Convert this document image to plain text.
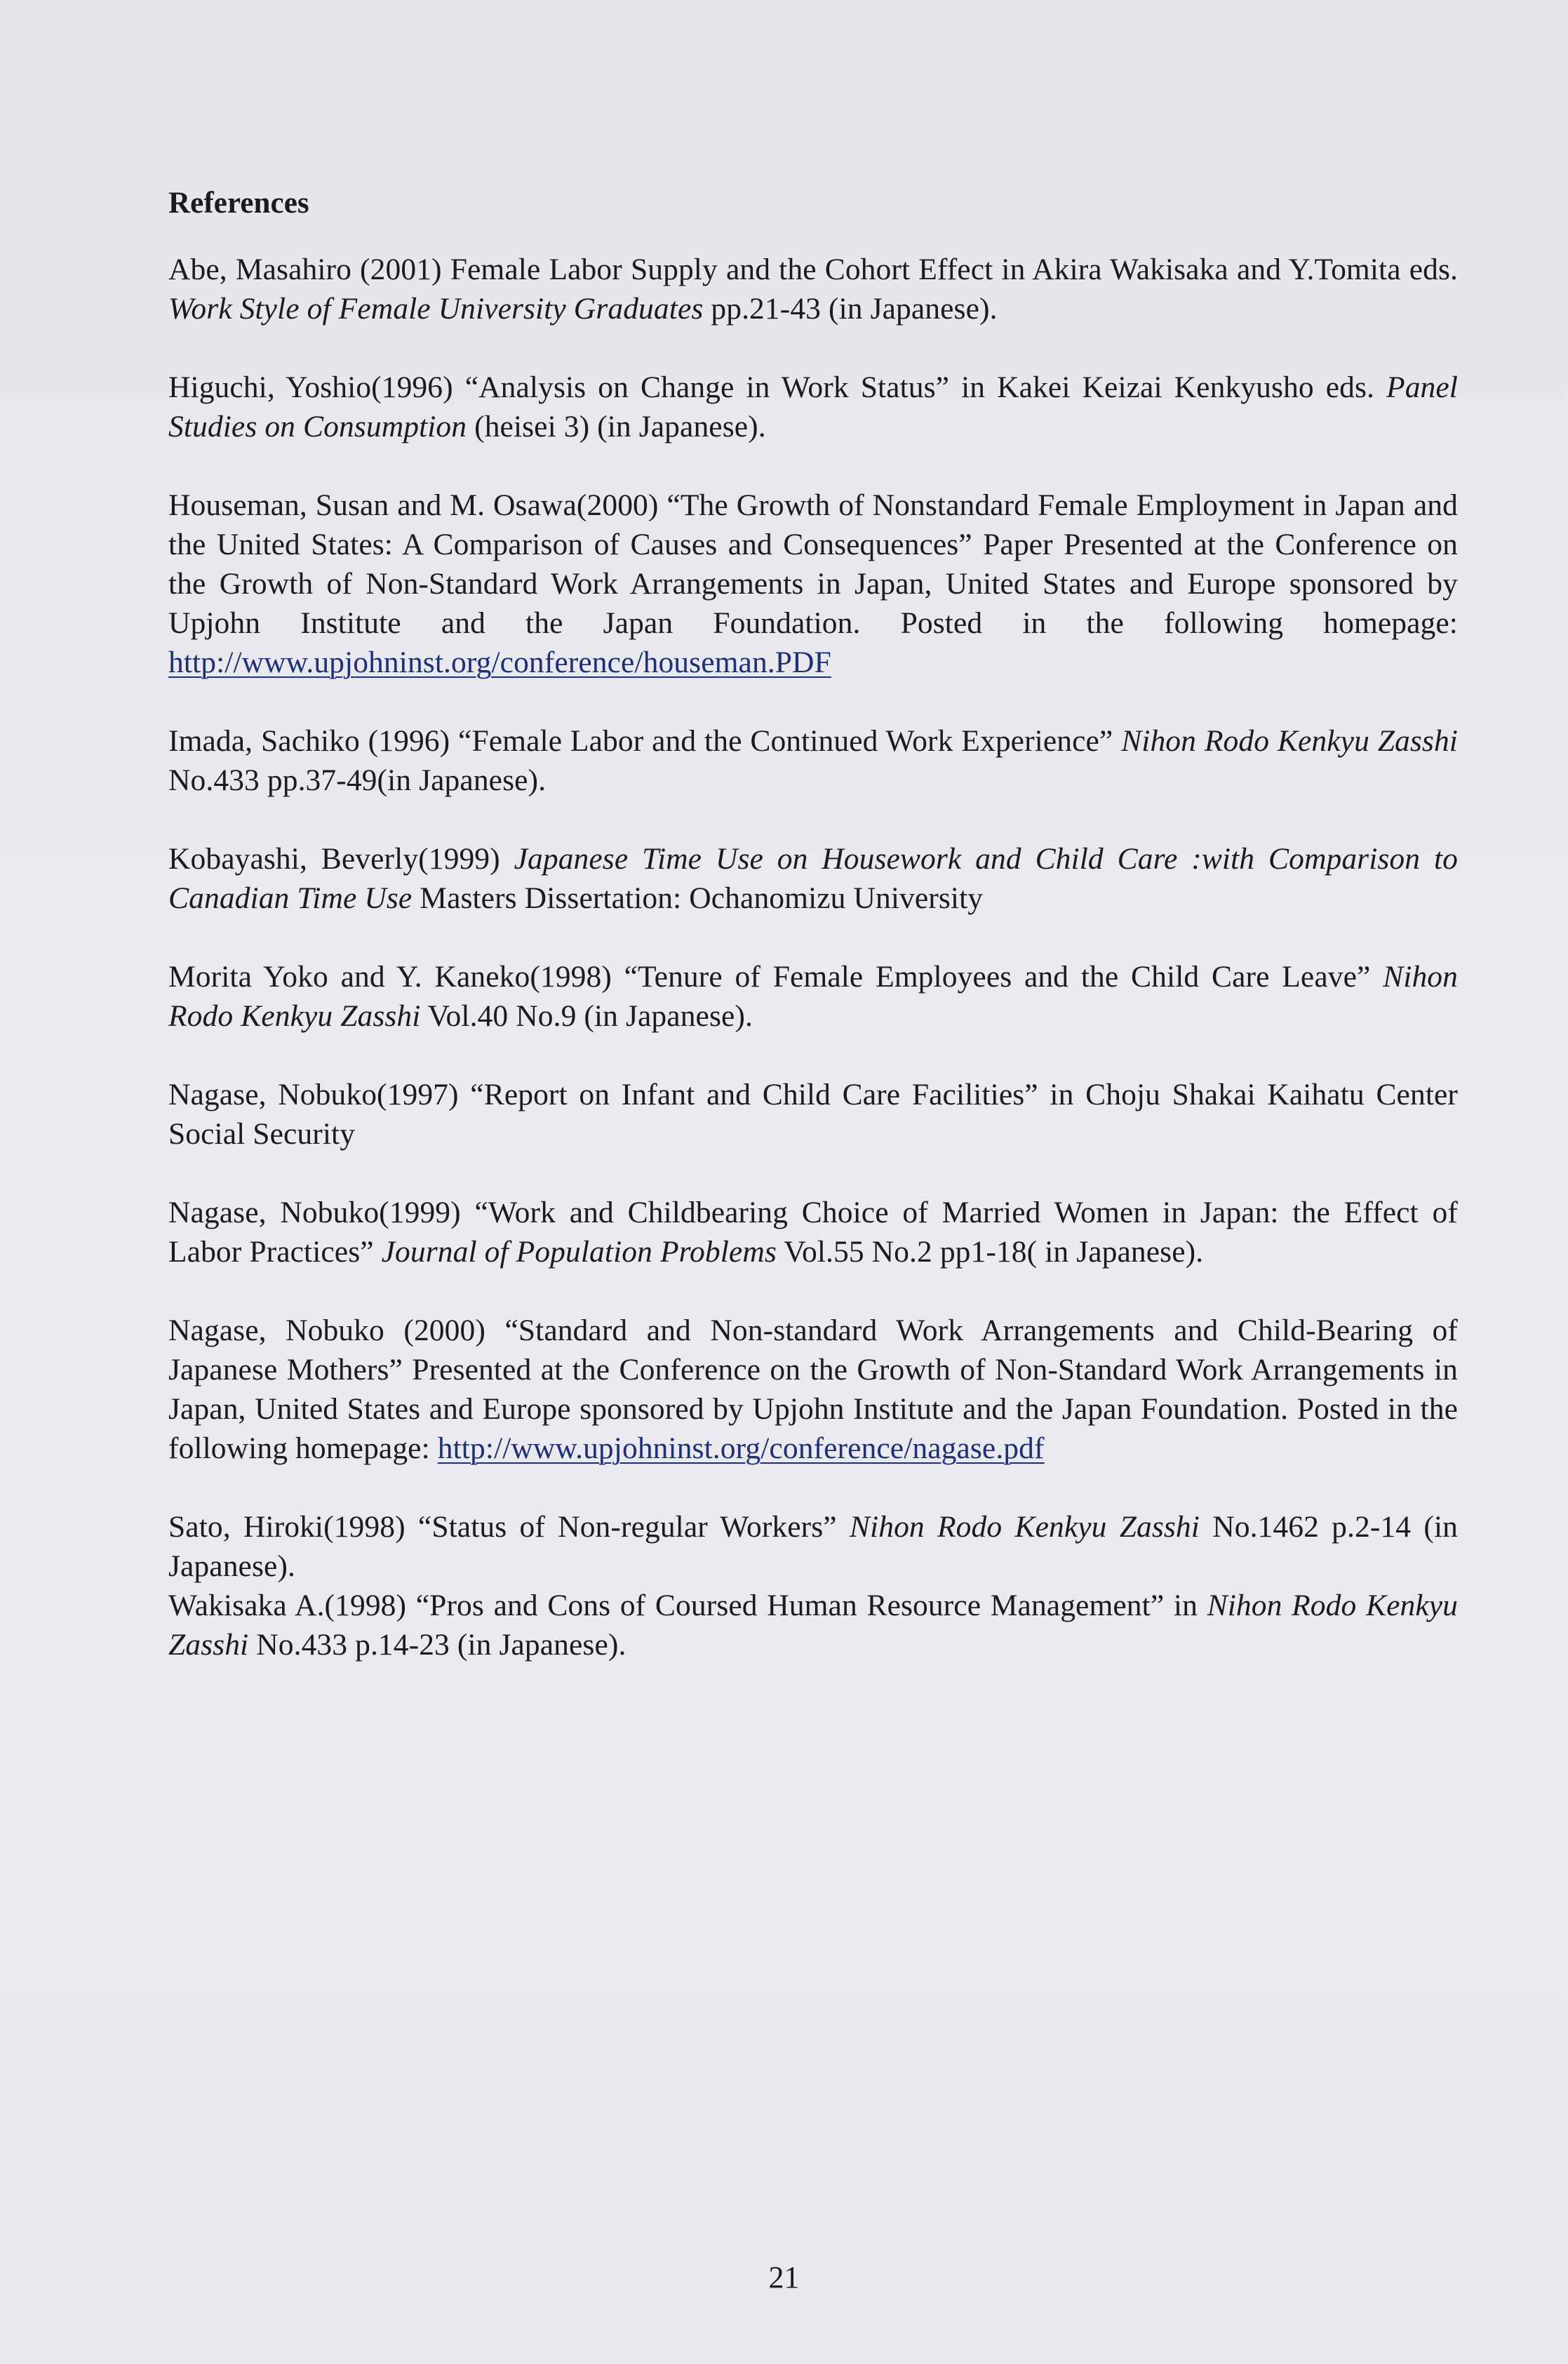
References

Abe, Masahiro (2001) Female Labor Supply and the Cohort Effect in Akira Wakisaka and Y.Tomita eds. Work Style of Female University Graduates pp.21-43 (in Japanese).

Higuchi, Yoshio(1996) “Analysis on Change in Work Status” in Kakei Keizai Kenkyusho eds. Panel Studies on Consumption (heisei 3) (in Japanese).

Houseman, Susan and M. Osawa(2000) “The Growth of Nonstandard Female Employment in Japan and the United States: A Comparison of Causes and Consequences” Paper Presented at the Conference on the Growth of Non-Standard Work Arrangements in Japan, United States and Europe sponsored by Upjohn Institute and the Japan Foundation. Posted in the following homepage: http://www.upjohninst.org/conference/houseman.PDF

Imada, Sachiko (1996) “Female Labor and the Continued Work Experience” Nihon Rodo Kenkyu Zasshi No.433 pp.37-49(in Japanese).

Kobayashi, Beverly(1999) Japanese Time Use on Housework and Child Care :with Comparison to Canadian Time Use Masters Dissertation: Ochanomizu University

Morita Yoko and Y. Kaneko(1998) “Tenure of Female Employees and the Child Care Leave” Nihon Rodo Kenkyu Zasshi Vol.40 No.9 (in Japanese).

Nagase, Nobuko(1997) “Report on Infant and Child Care Facilities” in Choju Shakai Kaihatu Center Social Security

Nagase, Nobuko(1999) “Work and Childbearing Choice of Married Women in Japan: the Effect of Labor Practices” Journal of Population Problems Vol.55 No.2 pp1-18( in Japanese).

Nagase, Nobuko (2000) “Standard and Non-standard Work Arrangements and Child-Bearing of Japanese Mothers” Presented at the Conference on the Growth of Non-Standard Work Arrangements in Japan, United States and Europe sponsored by Upjohn Institute and the Japan Foundation. Posted in the following homepage: http://www.upjohninst.org/conference/nagase.pdf

Sato, Hiroki(1998) “Status of Non-regular Workers” Nihon Rodo Kenkyu Zasshi No.1462 p.2-14 (in Japanese).

Wakisaka A.(1998) “Pros and Cons of Coursed Human Resource Management” in Nihon Rodo Kenkyu Zasshi No.433 p.14-23 (in Japanese).

21
